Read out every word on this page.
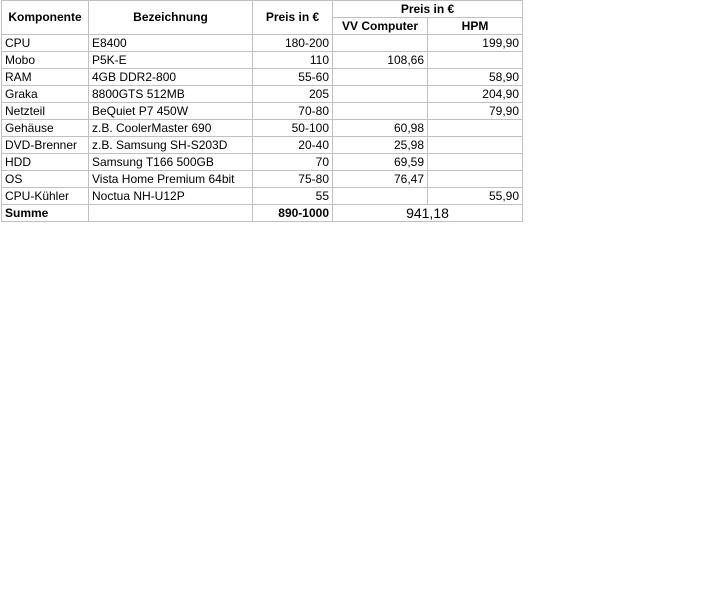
Komponente	Bezeichnung	Preis in €	Preis in €	
			VV Computer	HPM
CPU	E8400	180-200		199,90
Mobo	P5K-E	110	108,66	
RAM	4GB DDR2-800	55-60		58,90
Graka	8800GTS 512MB	205		204,90
Netzteil	BeQuiet P7 450W	70-80		79,90
Gehäuse	z.B. CoolerMaster 690	50-100	60,98	
DVD-Brenner	z.B. Samsung SH-S203D	20-40	25,98	
HDD	Samsung T166 500GB	70	69,59	
OS	Vista Home Premium 64bit	75-80	76,47	
CPU-Kühler	Noctua NH-U12P	55		55,90
Summe		890-1000	941,18	
